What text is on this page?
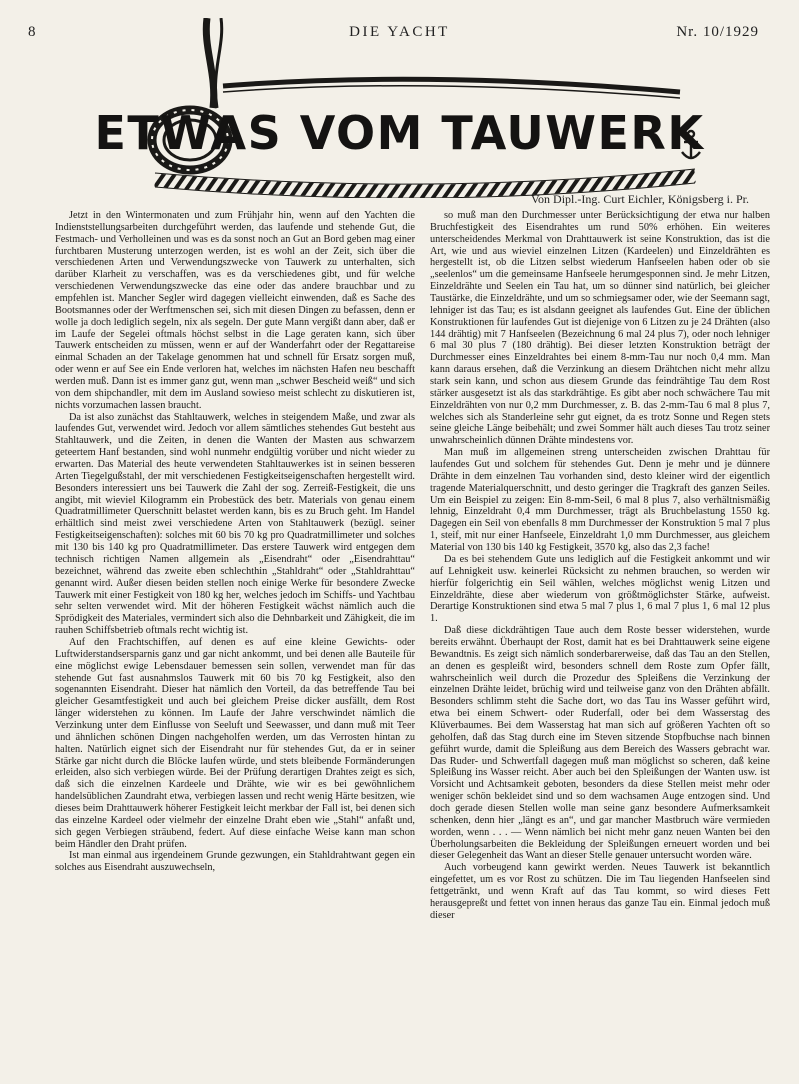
8	DIE YACHT	Nr. 10/1929
ETWAS VOM TAUWERK
Von Dipl.-Ing. Curt Eichler, Königsberg i. Pr.

Jetzt in den Wintermonaten und zum Frühjahr hin, wenn auf den Yachten die Indienststellungsarbeiten durchgeführt werden, das laufende und stehende Gut, die Festmach- und Verholleinen und was es da sonst noch an Gut an Bord geben mag einer furchtbaren Musterung unterzogen werden, ist es wohl an der Zeit, sich über die verschiedenen Arten und Verwendungszwecke von Tauwerk zu unterhalten, sich darüber Klarheit zu verschaffen, was es da verschiedenes gibt, und für welche verschiedenen Verwendungszwecke das eine oder das andere brauchbar und zu empfehlen ist. Mancher Segler wird dagegen vielleicht einwenden, daß es Sache des Bootsmannes oder der Werftmenschen sei, sich mit diesen Dingen zu befassen, denn er wolle ja doch lediglich segeln, nix als segeln. Der gute Mann vergißt dann aber, daß er im Laufe der Segelei oftmals höchst selbst in die Lage geraten kann, sich über Tauwerk entscheiden zu müssen, wenn er auf der Wanderfahrt oder der Regattareise einmal Schaden an der Takelage genommen hat und schnell für Ersatz sorgen muß, oder wenn er auf See ein Ende verloren hat, welches im nächsten Hafen neu beschafft werden muß. Dann ist es immer ganz gut, wenn man „schwer Bescheid weiß“ und sich von dem shipchandler, mit dem im Ausland sowieso meist schlecht zu diskutieren ist, nichts vorzumachen lassen braucht.

Da ist also zunächst das Stahltauwerk, welches in steigendem Maße, und zwar als laufendes Gut, verwendet wird. Jedoch vor allem sämtliches stehendes Gut besteht aus Stahltauwerk, und die Zeiten, in denen die Wanten der Masten aus schwarzem geteertem Hanf bestanden, sind wohl nunmehr endgültig vorüber und nicht wieder zu erwarten. Das Material des heute verwendeten Stahltauwerkes ist in seinen besseren Arten Tiegelgußstahl, der mit verschiedenen Festigkeitseigenschaften hergestellt wird. Besonders interessiert uns bei Tauwerk die Zahl der sog. Zerreiß-Festigkeit, die uns angibt, mit wieviel Kilogramm ein Probestück des betr. Materials von genau einem Quadratmillimeter Querschnitt belastet werden kann, bis es zu Bruch geht. Im Handel erhältlich sind meist zwei verschiedene Arten von Stahltauwerk (bezügl. seiner Festigkeitseigenschaften): solches mit 60 bis 70 kg pro Quadratmillimeter und solches mit 130 bis 140 kg pro Quadratmillimeter. Das erstere Tauwerk wird entgegen dem technisch richtigen Namen allgemein als „Eisendraht“ oder „Eisendrahttau“ bezeichnet, während das zweite eben schlechthin „Stahldraht“ oder „Stahldrahttau“ genannt wird. Außer diesen beiden stellen noch einige Werke für besondere Zwecke Tauwerk mit einer Festigkeit von 180 kg her, welches jedoch im Schiffs- und Yachtbau sehr selten verwendet wird. Mit der höheren Festigkeit wächst nämlich auch die Sprödigkeit des Materiales, vermindert sich also die Dehnbarkeit und Zähigkeit, die im rauhen Schiffsbetrieb oftmals recht wichtig ist.

Auf den Frachtschiffen, auf denen es auf eine kleine Gewichts- oder Luftwiderstandsersparnis ganz und gar nicht ankommt, und bei denen alle Bauteile für eine möglichst ewige Lebensdauer bemessen sein sollen, verwendet man für das stehende Gut fast ausnahmslos Tauwerk mit 60 bis 70 kg Festigkeit, also den sogenannten Eisendraht. Dieser hat nämlich den Vorteil, da das betreffende Tau bei gleicher Gesamtfestigkeit und auch bei gleichem Preise dicker ausfällt, dem Rost länger widerstehen zu können. Im Laufe der Jahre verschwindet nämlich die Verzinkung unter dem Einflusse von Seeluft und Seewasser, und dann muß mit Teer und ähnlichen schönen Dingen nachgeholfen werden, um das Verrosten hintan zu halten. Natürlich eignet sich der Eisendraht nur für stehendes Gut, da er in seiner Stärke gar nicht durch die Blöcke laufen würde, und stets bleibende Formänderungen erleiden, also sich verbiegen würde. Bei der Prüfung derartigen Drahtes zeigt es sich, daß sich die einzelnen Kardeele und Drähte, wie wir es bei gewöhnlichem handelsüblichen Zaundraht etwa, verbiegen lassen und recht wenig Härte besitzen, wie dieses beim Drahttauwerk höherer Festigkeit leicht merkbar der Fall ist, bei denen sich das einzelne Kardeel oder vielmehr der einzelne Draht eben wie „Stahl“ anfaßt und, sich gegen Verbiegen sträubend, federt. Auf diese einfache Weise kann man schon beim Händler den Draht prüfen.

Ist man einmal aus irgendeinem Grunde gezwungen, ein Stahldrahtwant gegen ein solches aus Eisendraht auszuwechseln,

so muß man den Durchmesser unter Berücksichtigung der etwa nur halben Bruchfestigkeit des Eisendrahtes um rund 50% erhöhen. Ein weiteres unterscheidendes Merkmal von Drahttauwerk ist seine Konstruktion, das ist die Art, wie und aus wieviel einzelnen Litzen (Kardeelen) und Einzeldrähten es hergestellt ist, ob die Litzen selbst wiederum Hanfseelen haben oder ob sie „seelenlos“ um die gemeinsame Hanfseele herumgesponnen sind. Je mehr Litzen, Einzeldrähte und Seelen ein Tau hat, um so dünner sind natürlich, bei gleicher Taustärke, die Einzeldrähte, und um so schmiegsamer oder, wie der Seemann sagt, lehniger ist das Tau; es ist alsdann geeignet als laufendes Gut. Eine der üblichen Konstruktionen für laufendes Gut ist diejenige von 6 Litzen zu je 24 Drähten (also 144 drähtig) mit 7 Hanfseelen (Bezeichnung 6 mal 24 plus 7), oder noch lehniger 6 mal 30 plus 7 (180 drähtig). Bei dieser letzten Konstruktion beträgt der Durchmesser eines Einzeldrahtes bei einem 8-mm-Tau nur noch 0,4 mm. Man kann daraus ersehen, daß die Verzinkung an diesem Drähtchen nicht mehr allzu stark sein kann, und schon aus diesem Grunde das feindrähtige Tau dem Rost stärker ausgesetzt ist als das starkdrähtige. Es gibt aber noch schwächere Tau mit Einzeldrähten von nur 0,2 mm Durchmesser, z. B. das 2-mm-Tau 6 mal 8 plus 7, welches sich als Standerleine sehr gut eignet, da es trotz Sonne und Regen stets seine gleiche Länge beibehält; und zwei Sommer hält auch dieses Tau trotz seiner unwahrscheinlich dünnen Drähte mindestens vor.

Man muß im allgemeinen streng unterscheiden zwischen Drahttau für laufendes Gut und solchem für stehendes Gut. Denn je mehr und je dünnere Drähte in dem einzelnen Tau vorhanden sind, desto kleiner wird der eigentlich tragende Materialquerschnitt, und desto geringer die Tragkraft des ganzen Seiles. Um ein Beispiel zu zeigen: Ein 8-mm-Seil, 6 mal 8 plus 7, also verhältnismäßig lehnig, Einzeldraht 0,4 mm Durchmesser, trägt als Bruchbelastung 1550 kg. Dagegen ein Seil von ebenfalls 8 mm Durchmesser der Konstruktion 5 mal 7 plus 1, steif, mit nur einer Hanfseele, Einzeldraht 1,0 mm Durchmesser, aus gleichem Material von 130 bis 140 kg Festigkeit, 3570 kg, also das 2,3 fache!

Da es bei stehendem Gute uns lediglich auf die Festigkeit ankommt und wir auf Lehnigkeit usw. keinerlei Rücksicht zu nehmen brauchen, so werden wir hierfür folgerichtig ein Seil wählen, welches möglichst wenig Litzen und Einzeldrähte, diese aber wiederum von größtmöglichster Stärke, aufweist. Derartige Konstruktionen sind etwa 5 mal 7 plus 1, 6 mal 7 plus 1, 6 mal 12 plus 1.

Daß diese dickdrähtigen Taue auch dem Roste besser widerstehen, wurde bereits erwähnt. Überhaupt der Rost, damit hat es bei Drahttauwerk seine eigene Bewandtnis. Es zeigt sich nämlich sonderbarerweise, daß das Tau an den Stellen, an denen es gespleißt wird, besonders schnell dem Roste zum Opfer fällt, wahrscheinlich weil durch die Prozedur des Spleißens die Verzinkung der einzelnen Drähte leidet, brüchig wird und teilweise ganz von den Drähten abfällt. Besonders schlimm steht die Sache dort, wo das Tau ins Wasser geführt wird, etwa bei einem Schwert- oder Ruderfall, oder bei dem Wasserstag des Klüverbaumes. Bei dem Wasserstag hat man sich auf größeren Yachten oft so geholfen, daß das Stag durch eine im Steven sitzende Stopfbuchse nach binnen geführt wurde, damit die Spleißung aus dem Bereich des Wassers gebracht war. Das Ruder- und Schwertfall dagegen muß man möglichst so scheren, daß keine Spleißung ins Wasser reicht. Aber auch bei den Spleißungen der Wanten usw. ist Vorsicht und Achtsamkeit geboten, besonders da diese Stellen meist mehr oder weniger schön bekleidet sind und so dem wachsamen Auge entzogen sind. Und doch gerade diesen Stellen wolle man seine ganz besondere Aufmerksamkeit schenken, denn hier „längt es an“, und gar mancher Mastbruch wäre vermieden worden, wenn . . . — Wenn nämlich bei nicht mehr ganz neuen Wanten bei den Überholungsarbeiten die Bekleidung der Spleißungen erneuert worden und bei dieser Gelegenheit das Want an dieser Stelle genauer untersucht worden wäre.

Auch vorbeugend kann gewirkt werden. Neues Tauwerk ist bekanntlich eingefettet, um es vor Rost zu schützen. Die im Tau liegenden Hanfseelen sind fettgetränkt, und wenn Kraft auf das Tau kommt, so wird dieses Fett herausgepreßt und fettet von innen heraus das ganze Tau ein. Einmal jedoch muß dieser
